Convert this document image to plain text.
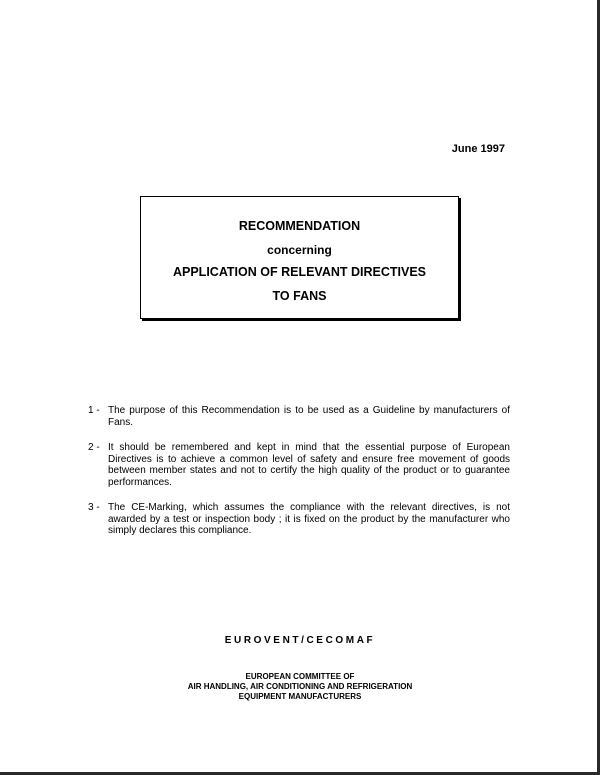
June 1997
RECOMMENDATION
concerning
APPLICATION OF RELEVANT DIRECTIVES
TO FANS
1 - The purpose of this Recommendation is to be used as a Guideline by manufacturers of Fans.
2 - It should be remembered and kept in mind that the essential purpose of European Directives is to achieve a common level of safety and ensure free movement of goods between member states and not to certify the high quality of the product or to guarantee performances.
3 - The CE-Marking, which assumes the compliance with the relevant directives, is not awarded by a test or inspection body ; it is fixed on the product by the manufacturer who simply declares this compliance.
EUROVENT/CECOMAF
EUROPEAN COMMITTEE OF
AIR HANDLING, AIR CONDITIONING AND REFRIGERATION
EQUIPMENT MANUFACTURERS
